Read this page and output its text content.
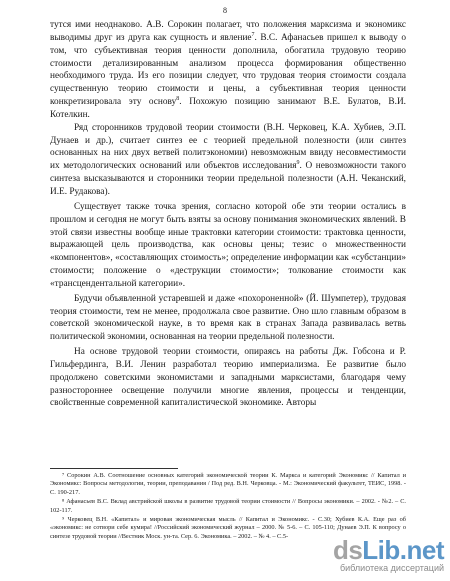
8

тутся ими неоднаковo. А.В. Сорокин полагает, что положения марксизма и экономикс выводимы друг из друга как сущность и явление$^7$. В.С. Афанасьев пришел к выводу о том, что субъективная теория ценности дополнила, обогатила трудовую теорию стоимости детализированным анализом процесса формирования общественно необходимого труда. Из его позиции следует, что трудовая теория стоимости создала существенную теорию стоимости и цены, а субъективная теория ценности конкретизировала эту основу$^8$. Похожую позицию занимают В.Е. Булатов, В.И. Котелкин.

Ряд сторонников трудовой теории стоимости (В.Н. Черковец, К.А. Хубиев, Э.П. Дунаев и др.), считает синтез ее с теорией предельной полезности (или синтез основанных на них двух ветвей политэкономии) невозможным ввиду несовместимости их методологических оснований или объектов исследования$^9$. О невозможности такого синтеза высказываются и сторонники теории предельной полезности (А.Н. Чеканский, И.Е. Рудакова).

Существует также точка зрения, согласно которой обе эти теории остались в прошлом и сегодня не могут быть взяты за основу понимания экономических явлений. В этой связи известны вообще иные трактовки категории стоимости: трактовка ценности, выражающей цель производства, как основы цены; тезис о множественности «компонентов», «составляющих стоимость»; определение информации как «субстанции» стоимости; положение о «деструкции стоимости»; толкование стоимости как «трансцендентальной категории».

Будучи объявленной устаревшей и даже «похороненной» (Й. Шумпетер), трудовая теория стоимости, тем не менее, продолжала свое развитие. Оно шло главным образом в советской экономической науке, в то время как в странах Запада развивалась ветвь политической экономии, основанная на теории предельной полезности.

На основе трудовой теории стоимости, опираясь на работы Дж. Гобсона и Р. Гильфердинга, В.И. Ленин разработал теорию империализма. Ее развитие было продолжено советскими экономистами и западными марксистами, благодаря чему разностороннее освещение получили многие явления, процессы и тенденции, свойственные современной капиталистической экономике. Авторы

⁷ Сорокин А.В. Соотношение основных категорий экономической теории К. Маркса и категорий Экономикс // Капитал и Экономикс: Вопросы методологии, теории, преподавания / Под ред. В.Н. Черковца. - М.: Экономический факультет, ТЕИС, 1998. - С. 190-217.

⁸ Афанасьев В.С. Вклад австрийской школы в развитие трудовой теории стоимости // Вопросы экономики. – 2002. - №2. – С. 102-117.

⁹ Черковец В.Н. «Капитал» и мировая экономическая мысль // Капитал и Экономикс. - С.30; Хубиев К.А. Еще раз об «экономикс: не сотвори себе кумира! //Российский экономический журнал – 2000. № 5-6. – С. 105-110; Дунаев Э.П. К вопросу о синтезе трудовой теории //Вестник Моск. ун-та. Сер. 6. Экономика. – 2002. – № 4. – С.5-	dsLib.net
библиотека диссертаций
